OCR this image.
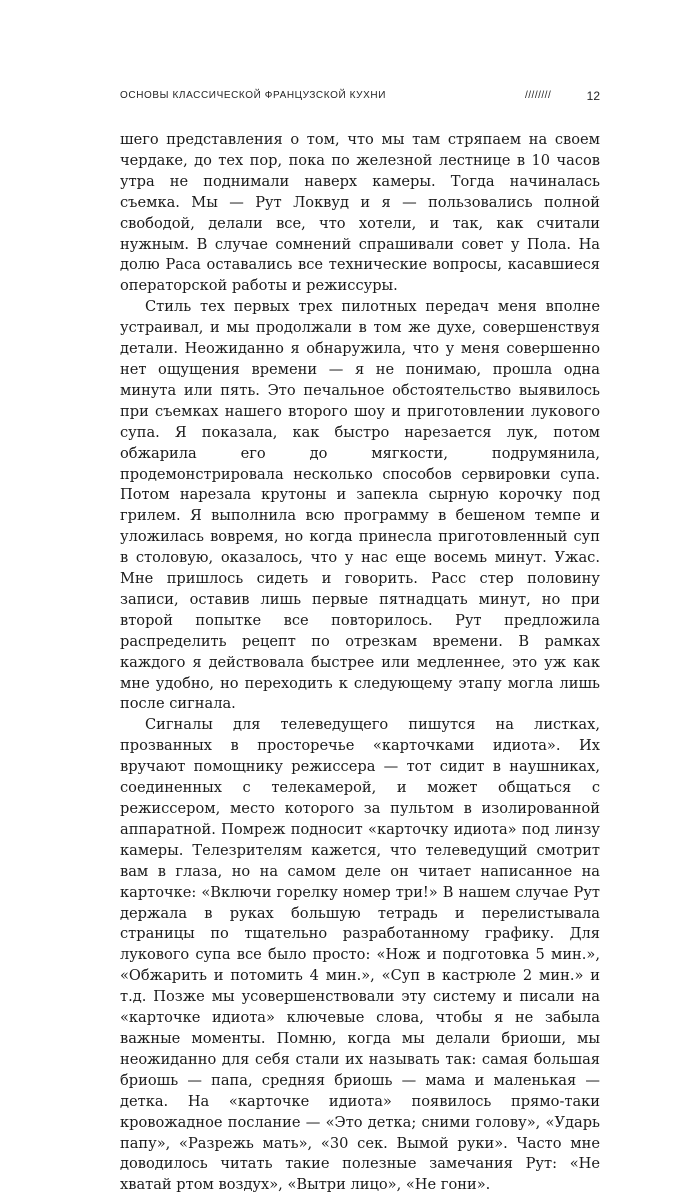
ОСНОВЫ КЛАССИЧЕСКОЙ ФРАНЦУЗСКОЙ КУХНИ	////////	12

шего представления о том, что мы там стряпаем на своем чердаке, до тех пор, пока по железной лестнице в 10 часов утра не поднимали наверх камеры. Тогда начиналась съемка. Мы — Рут Локвуд и я — пользовались полной свободой, делали все, что хотели, и так, как считали нужным. В случае сомнений спрашивали совет у Пола. На долю Раса оставались все технические вопросы, касавшиеся операторской работы и режиссуры.

Стиль тех первых трех пилотных передач меня вполне устраивал, и мы продолжали в том же духе, совершенствуя детали. Неожиданно я обнаружила, что у меня совершенно нет ощущения времени — я не понимаю, прошла одна минута или пять. Это печальное обстоятельство выявилось при съемках нашего второго шоу и приготовлении лукового супа. Я показала, как быстро нарезается лук, потом обжарила его до мягкости, подрумянила, продемонстрировала несколько способов сервировки супа. Потом нарезала крутоны и запекла сырную корочку под грилем. Я выполнила всю программу в бешеном темпе и уложилась вовремя, но когда принесла приготовленный суп в столовую, оказалось, что у нас еще восемь минут. Ужас. Мне пришлось сидеть и говорить. Расс стер половину записи, оставив лишь первые пятнадцать минут, но при второй попытке все повторилось. Рут предложила распределить рецепт по отрезкам времени. В рамках каждого я действовала быстрее или медленнее, это уж как мне удобно, но переходить к следующему этапу могла лишь после сигнала.

Сигналы для телеведущего пишутся на листках, прозванных в просторечье «карточками идиота». Их вручают помощнику режиссера — тот сидит в наушниках, соединенных с телекамерой, и может общаться с режиссером, место которого за пультом в изолированной аппаратной. Помреж подносит «карточку идиота» под линзу камеры. Телезрителям кажется, что телеведущий смотрит вам в глаза, но на самом деле он читает написанное на карточке: «Включи горелку номер три!» В нашем случае Рут держала в руках большую тетрадь и перелистывала страницы по тщательно разработанному графику. Для лукового супа все было просто: «Нож и подготовка 5 мин.», «Обжарить и потомить 4 мин.», «Суп в кастрюле 2 мин.» и т.д. Позже мы усовершенствовали эту систему и писали на «карточке идиота» ключевые слова, чтобы я не забыла важные моменты. Помню, когда мы делали бриоши, мы неожиданно для себя стали их называть так: самая большая бриошь — папа, средняя бриошь — мама и маленькая — детка. На «карточке идиота» появилось прямо-таки кровожадное послание — «Это детка; сними голову», «Ударь папу», «Разрежь мать», «30 сек. Вымой руки». Часто мне доводилось читать такие полезные замечания Рут: «Не хватай ртом воздух», «Вытри лицо», «Не гони».
